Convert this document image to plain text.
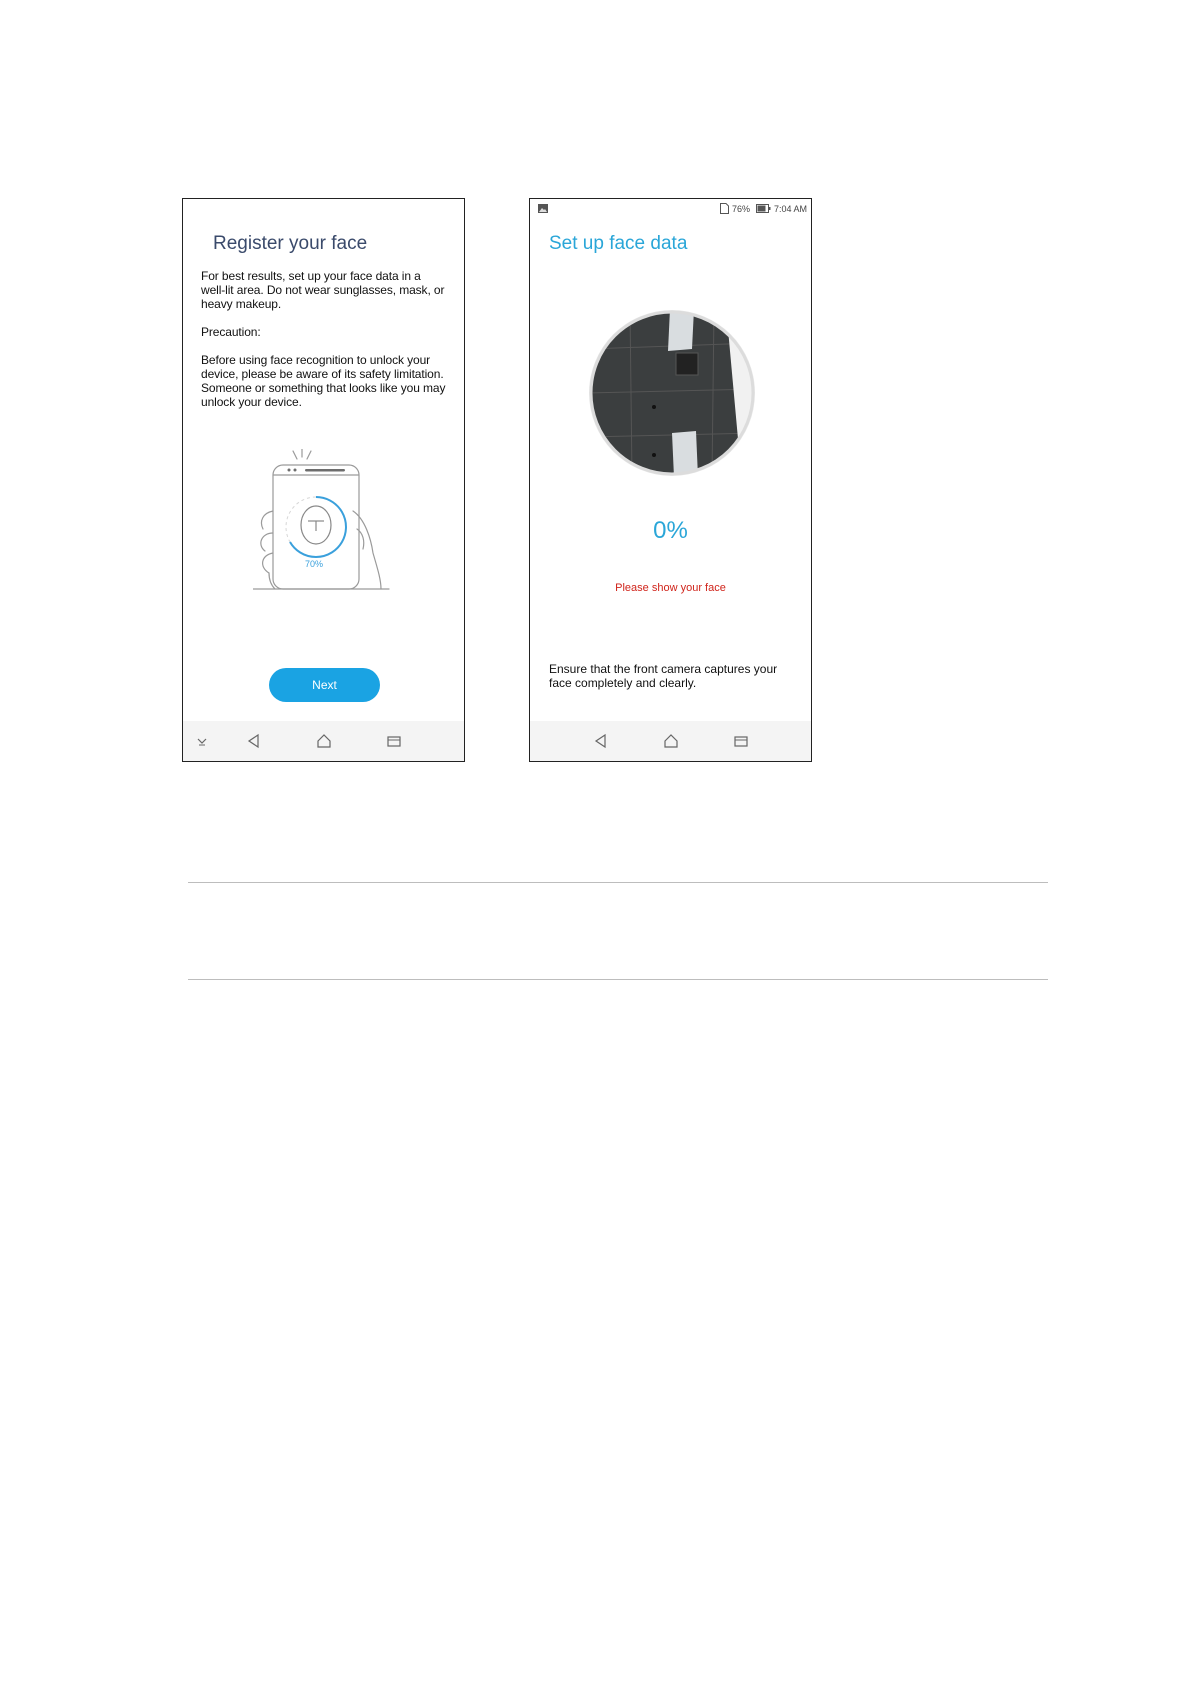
Register your face

For best results, set up your face data in a
well-lit area. Do not wear sunglasses, mask, or
heavy makeup.

Precaution:

Before using face recognition to unlock your
device, please be aware of its safety limitation.
Someone or something that looks like you may
unlock your device.

70%
Next
76%	7:04 AM
Set up face data
0%
Please show your face

Ensure that the front camera captures your
face completely and clearly.
